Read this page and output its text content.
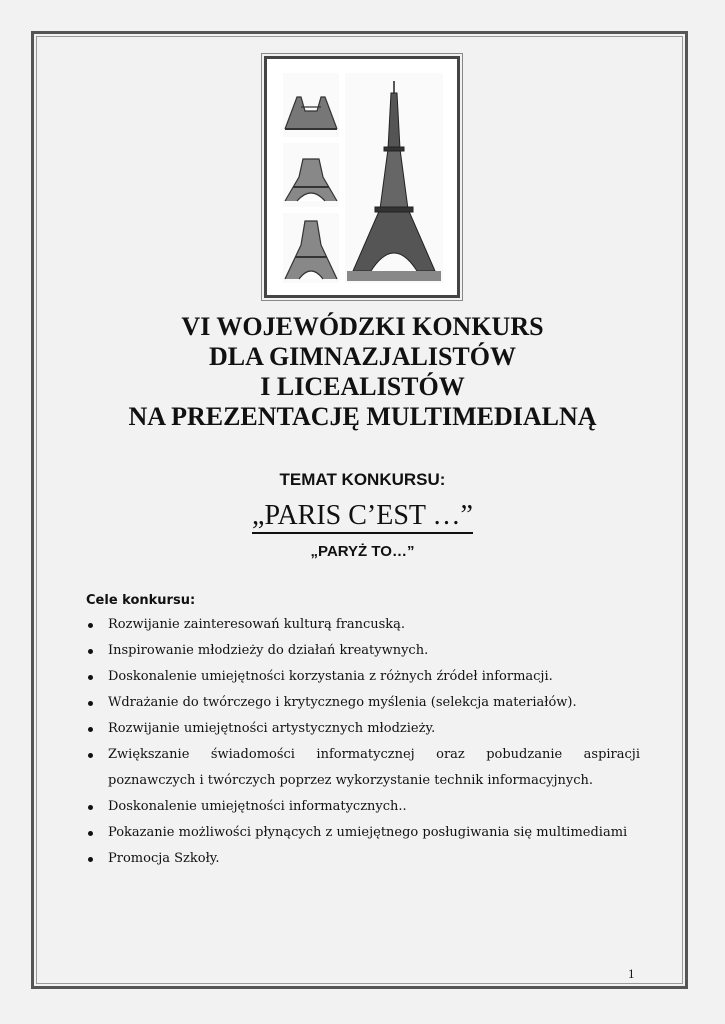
VI WOJEWÓDZKI KONKURS
DLA GIMNAZJALISTÓW
I LICEALISTÓW
NA PREZENTACJĘ MULTIMEDIALNĄ
TEMAT KONKURSU:
„PARIS C’EST …”
„PARYŻ TO…”
Cele konkursu:
Rozwijanie zainteresowań kulturą francuską.
Inspirowanie młodzieży do działań kreatywnych.
Doskonalenie umiejętności korzystania z różnych źródeł informacji.
Wdrażanie do twórczego i krytycznego myślenia (selekcja materiałów).
Rozwijanie umiejętności artystycznych młodzieży.
Zwiększanie świadomości informatycznej oraz pobudzanie aspiracji poznawczych i twórczych poprzez wykorzystanie technik informacyjnych.
Doskonalenie umiejętności informatycznych..
Pokazanie możliwości płynących z umiejętnego posługiwania się multimediami
Promocja Szkoły.
1
